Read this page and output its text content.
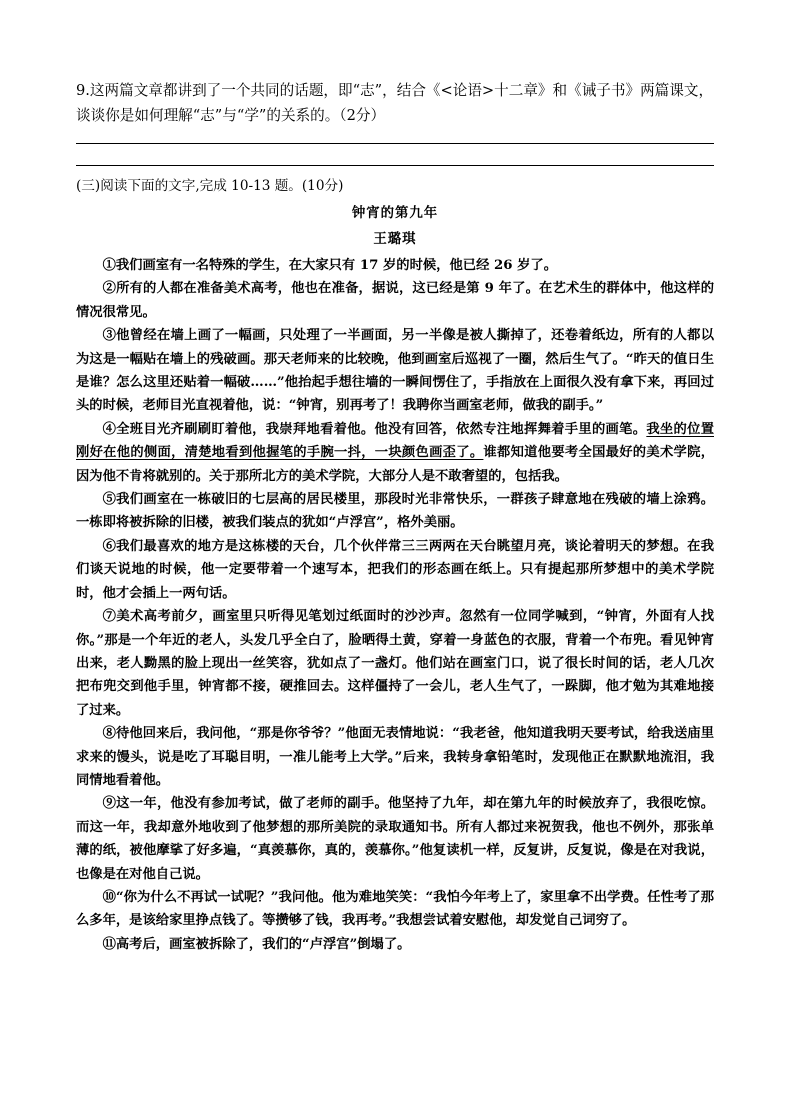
9.这两篇文章都讲到了一个共同的话题，即“志”，结合《<论语>十二章》和《诫子书》两篇课文，谈谈你是如何理解“志”与“学”的关系的。（2分）

(三)阅读下面的文字,完成 10-13 题。(10分)
钟宵的第九年
王璐琪

①我们画室有一名特殊的学生，在大家只有 17 岁的时候，他已经 26 岁了。

②所有的人都在准备美术高考，他也在准备，据说，这已经是第 9 年了。在艺术生的群体中，他这样的情况很常见。

③他曾经在墙上画了一幅画，只处理了一半画面，另一半像是被人撕掉了，还卷着纸边，所有的人都以为这是一幅贴在墙上的残破画。那天老师来的比较晚，他到画室后巡视了一圈，然后生气了。“昨天的值日生是谁？怎么这里还贴着一幅破……”他抬起手想往墙的一瞬间愣住了，手指放在上面很久没有拿下来，再回过头的时候，老师目光直视着他，说：“钟宵，别再考了！我聘你当画室老师，做我的副手。”

④全班目光齐刷刷盯着他，我崇拜地看着他。他没有回答，依然专注地挥舞着手里的画笔。我坐的位置刚好在他的侧面，清楚地看到他握笔的手腕一抖，一块颜色画歪了。谁都知道他要考全国最好的美术学院，因为他不肯将就别的。关于那所北方的美术学院，大部分人是不敢奢望的，包括我。

⑤我们画室在一栋破旧的七层高的居民楼里，那段时光非常快乐，一群孩子肆意地在残破的墙上涂鸦。一栋即将被拆除的旧楼，被我们装点的犹如“卢浮宫”，格外美丽。

⑥我们最喜欢的地方是这栋楼的天台，几个伙伴常三三两两在天台眺望月亮，谈论着明天的梦想。在我们谈天说地的时候，他一定要带着一个速写本，把我们的形态画在纸上。只有提起那所梦想中的美术学院时，他才会插上一两句话。

⑦美术高考前夕，画室里只听得见笔划过纸面时的沙沙声。忽然有一位同学喊到，“钟宵，外面有人找你。”那是一个年近的老人，头发几乎全白了，脸晒得土黄，穿着一身蓝色的衣服，背着一个布兜。看见钟宵出来，老人黝黑的脸上现出一丝笑容，犹如点了一盏灯。他们站在画室门口，说了很长时间的话，老人几次把布兜交到他手里，钟宵都不接，硬推回去。这样僵持了一会儿，老人生气了，一跺脚，他才勉为其难地接了过来。

⑧待他回来后，我问他，“那是你爷爷？”他面无表情地说：“我老爸，他知道我明天要考试，给我送庙里求来的馒头，说是吃了耳聪目明，一准儿能考上大学。”后来，我转身拿铅笔时，发现他正在默默地流泪，我同情地看着他。

⑨这一年，他没有参加考试，做了老师的副手。他坚持了九年，却在第九年的时候放弃了，我很吃惊。而这一年，我却意外地收到了他梦想的那所美院的录取通知书。所有人都过来祝贺我，他也不例外，那张单薄的纸，被他摩挲了好多遍，“真羡慕你，真的，羡慕你。”他复读机一样，反复讲，反复说，像是在对我说，也像是在对他自己说。

⑩“你为什么不再试一试呢？”我问他。他为难地笑笑：“我怕今年考上了，家里拿不出学费。任性考了那么多年，是该给家里挣点钱了。等攒够了钱，我再考。”我想尝试着安慰他，却发觉自己词穷了。

⑪高考后，画室被拆除了，我们的“卢浮宫”倒塌了。
